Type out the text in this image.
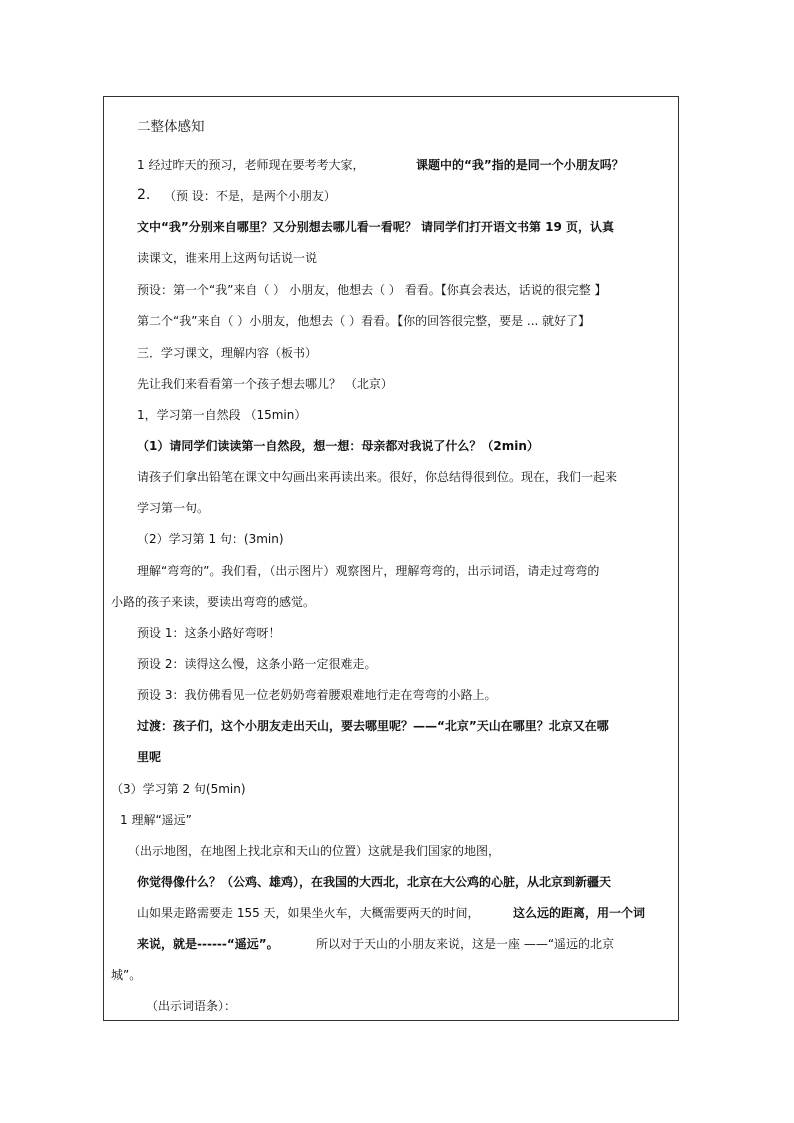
二整体感知
1 经过昨天的预习，老师现在要考考大家，	课题中的“我”指的是同一个小朋友吗？
2. （预 设：不是，是两个小朋友）
文中“我”分别来自哪里？又分别想去哪儿看一看呢？ 请同学们打开语文书第 19 页，认真
读课文，谁来用上这两句话说一说
预设：第一个“我”来自（ ） 小朋友，他想去（ ） 看看。【你真会表达，话说的很完整 】
第二个“我”来自（ ）小朋友，他想去（ ）看看。【你的回答很完整，要是 ... 就好了】
三．学习课文，理解内容（板书）
先让我们来看看第一个孩子想去哪儿？ （北京）
1，学习第一自然段 （15min）
（1）请同学们读读第一自然段，想一想：母亲都对我说了什么？（2min）
请孩子们拿出铅笔在课文中勾画出来再读出来。很好，你总结得很到位。现在，我们一起来
学习第一句。
（2）学习第 1 句：(3min)
理解“弯弯的”。我们看，（出示图片）观察图片，理解弯弯的，出示词语，请走过弯弯的
小路的孩子来读，要读出弯弯的感觉。
预设 1：这条小路好弯呀！
预设 2：读得这么慢，这条小路一定很难走。
预设 3：我仿佛看见一位老奶奶弯着腰艰难地行走在弯弯的小路上。
过渡：孩子们，这个小朋友走出天山，要去哪里呢？——“北京”天山在哪里？北京又在哪
里呢
（3）学习第 2 句(5min)
1 理解“遥远”
（出示地图，在地图上找北京和天山的位置）这就是我们国家的地图，
你觉得像什么？（公鸡、雄鸡），在我国的大西北，北京在大公鸡的心脏，从北京到新疆天
山如果走路需要走 155 天，如果坐火车，大概需要两天的时间，	这么远的距离，用一个词
来说，就是------“遥远”。	所以对于天山的小朋友来说，这是一座 ——“遥远的北京
城”。
（出示词语条）：
